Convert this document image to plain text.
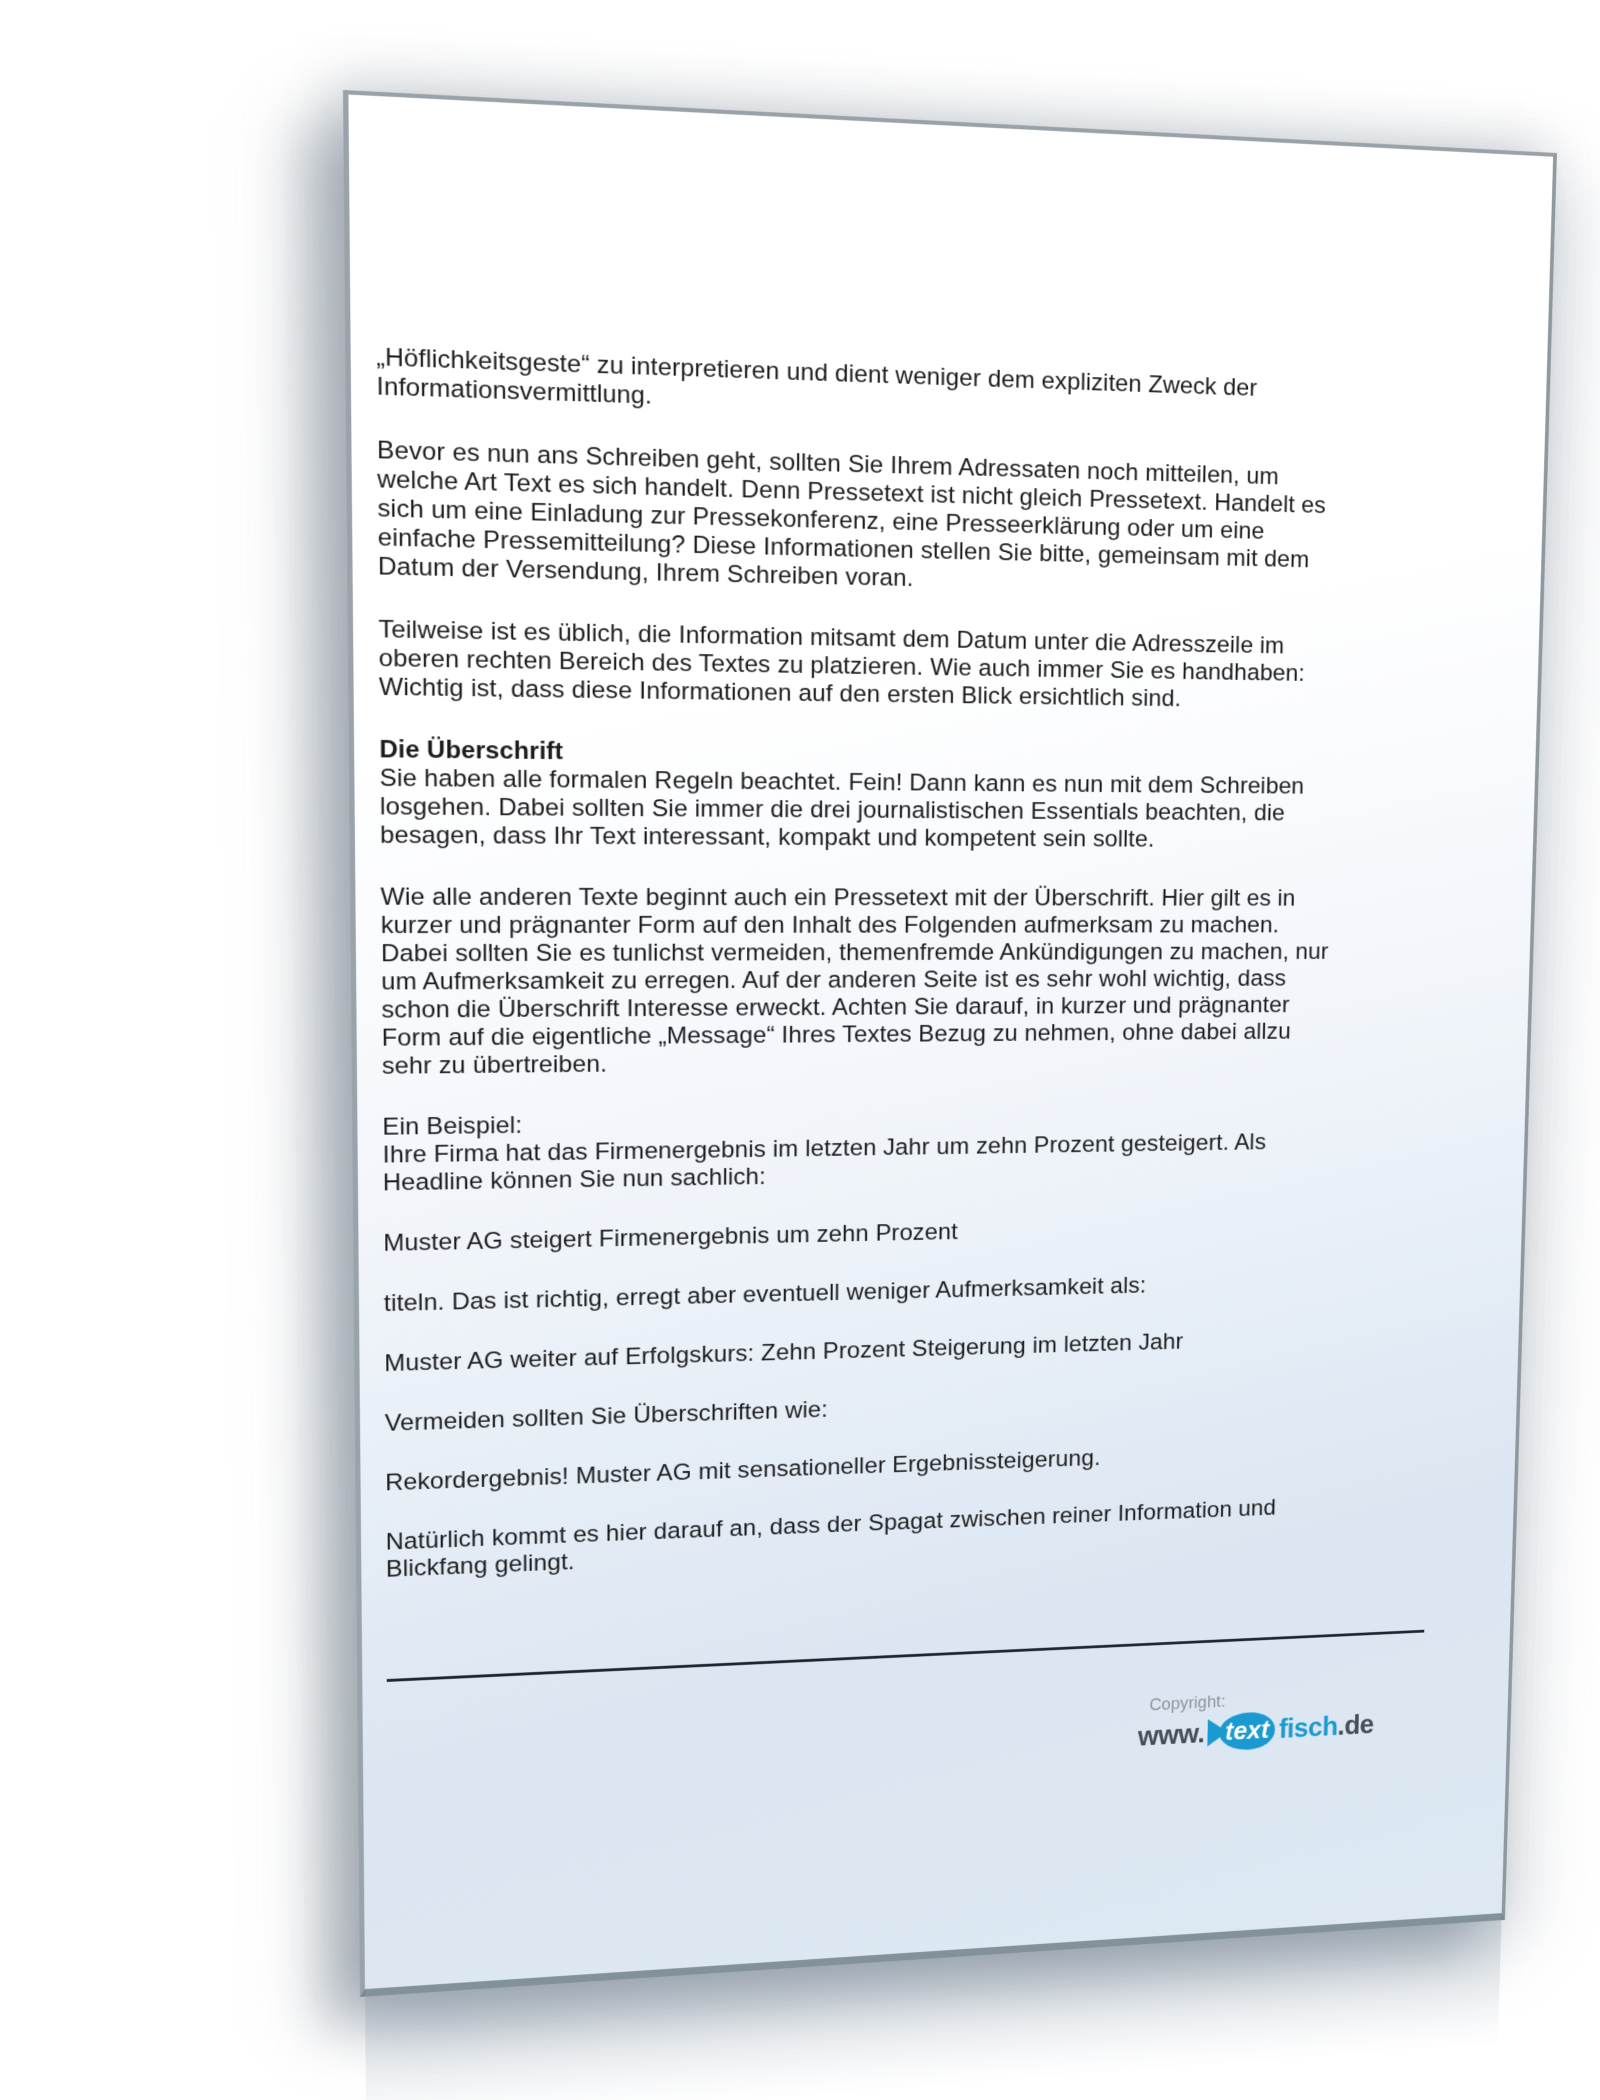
„Höflichkeitsgeste“ zu interpretieren und dient weniger dem expliziten Zweck der
Informationsvermittlung.
Bevor es nun ans Schreiben geht, sollten Sie Ihrem Adressaten noch mitteilen, um
welche Art Text es sich handelt. Denn Pressetext ist nicht gleich Pressetext. Handelt es
sich um eine Einladung zur Pressekonferenz, eine Presseerklärung oder um eine
einfache Pressemitteilung? Diese Informationen stellen Sie bitte, gemeinsam mit dem
Datum der Versendung, Ihrem Schreiben voran.
Teilweise ist es üblich, die Information mitsamt dem Datum unter die Adresszeile im
oberen rechten Bereich des Textes zu platzieren. Wie auch immer Sie es handhaben:
Wichtig ist, dass diese Informationen auf den ersten Blick ersichtlich sind.
Die Überschrift
Sie haben alle formalen Regeln beachtet. Fein! Dann kann es nun mit dem Schreiben
losgehen. Dabei sollten Sie immer die drei journalistischen Essentials beachten, die
besagen, dass Ihr Text interessant, kompakt und kompetent sein sollte.
Wie alle anderen Texte beginnt auch ein Pressetext mit der Überschrift. Hier gilt es in
kurzer und prägnanter Form auf den Inhalt des Folgenden aufmerksam zu machen.
Dabei sollten Sie es tunlichst vermeiden, themenfremde Ankündigungen zu machen, nur
um Aufmerksamkeit zu erregen. Auf der anderen Seite ist es sehr wohl wichtig, dass
schon die Überschrift Interesse erweckt. Achten Sie darauf, in kurzer und prägnanter
Form auf die eigentliche „Message“ Ihres Textes Bezug zu nehmen, ohne dabei allzu
sehr zu übertreiben.
Ein Beispiel:
Ihre Firma hat das Firmenergebnis im letzten Jahr um zehn Prozent gesteigert. Als
Headline können Sie nun sachlich:
Muster AG steigert Firmenergebnis um zehn Prozent
titeln. Das ist richtig, erregt aber eventuell weniger Aufmerksamkeit als:
Muster AG weiter auf Erfolgskurs: Zehn Prozent Steigerung im letzten Jahr
Vermeiden sollten Sie Überschriften wie:
Rekordergebnis! Muster AG mit sensationeller Ergebnissteigerung.
Natürlich kommt es hier darauf an, dass der Spagat zwischen reiner Information und
Blickfang gelingt.
Copyright:
www. text fisch .de
